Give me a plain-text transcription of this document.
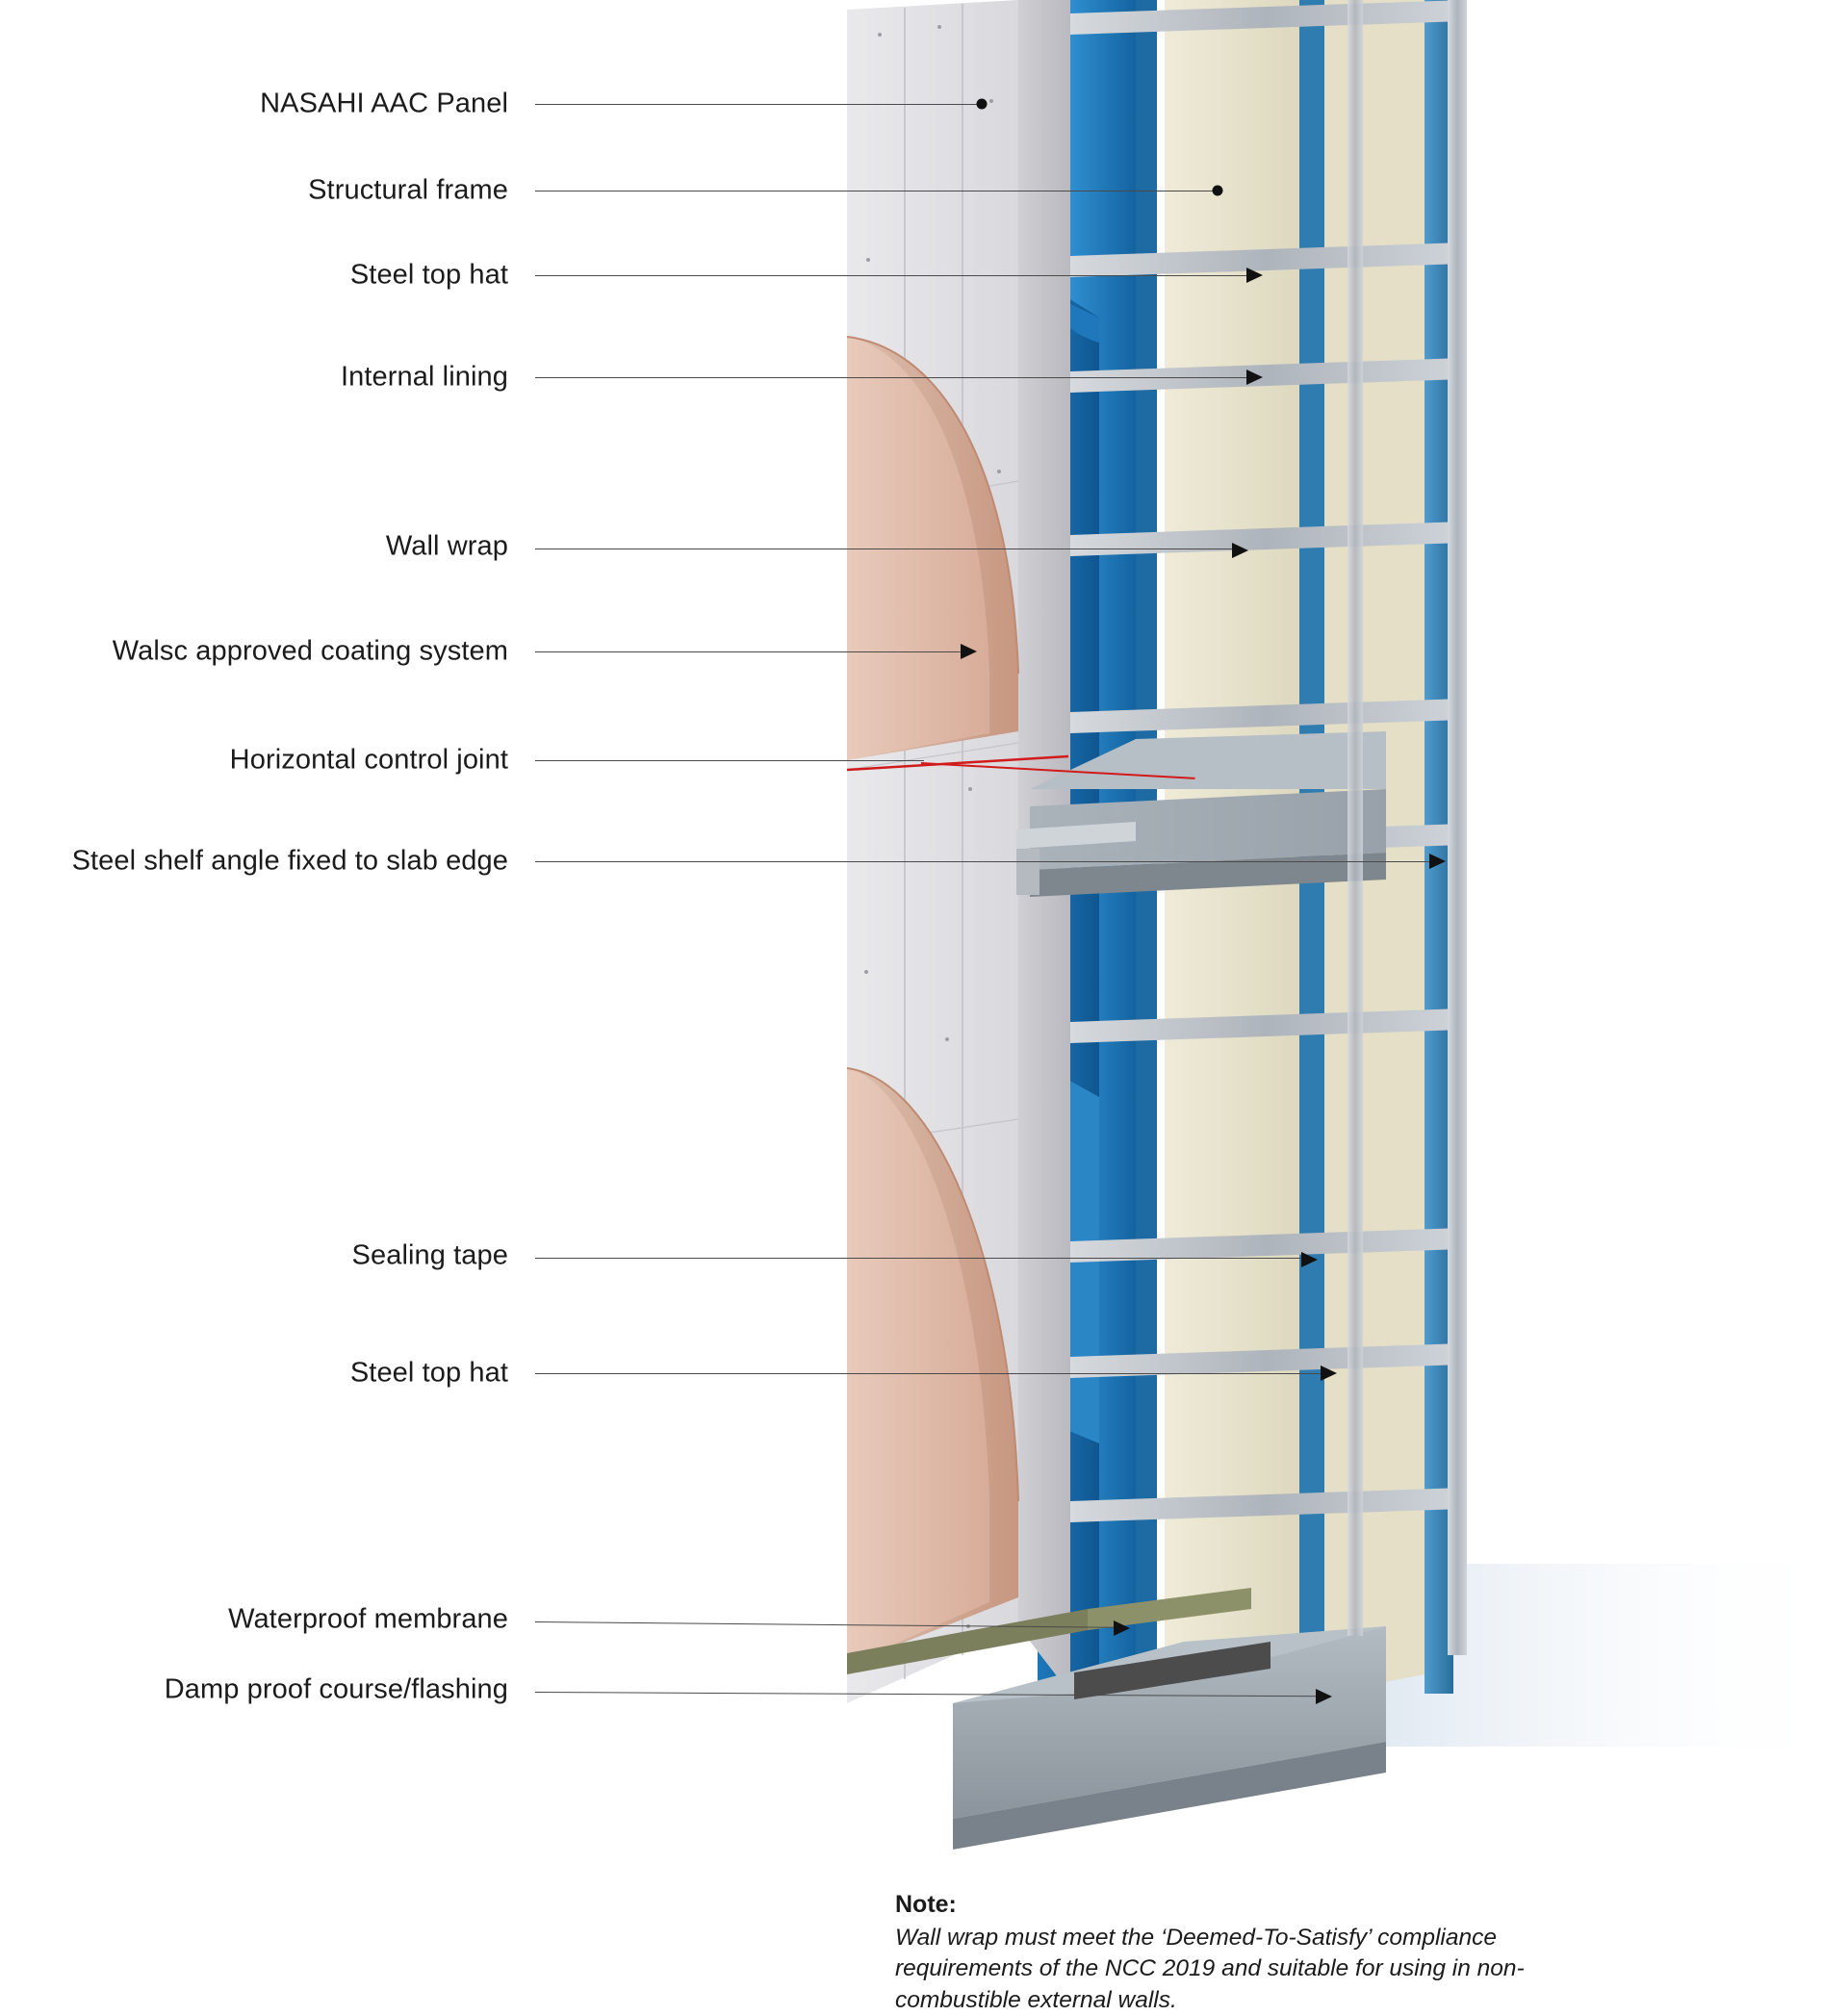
NASAHI AAC Panel
Structural frame
Steel top hat
Internal lining
Wall wrap
Walsc approved coating system
Horizontal control joint
Steel shelf angle fixed to slab edge
Sealing tape
Steel top hat
Waterproof membrane
Damp proof course/flashing
Note:
Wall wrap must meet the ‘Deemed-To-Satisfy’ compliance requirements of the NCC 2019 and suitable for using in non-combustible external walls.
